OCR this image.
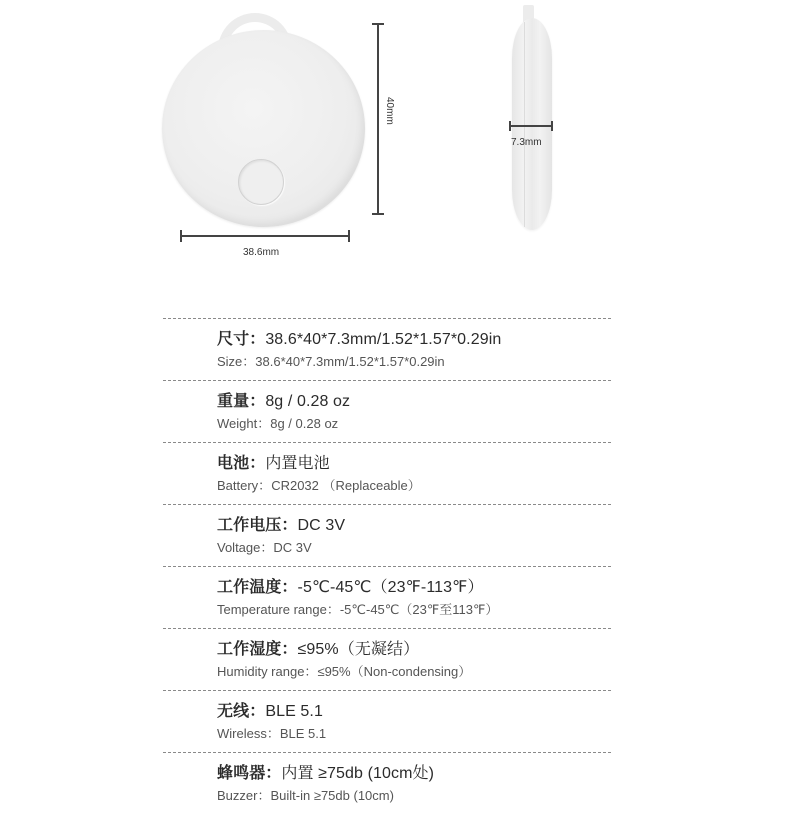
38.6mm
40mm
7.3mm
尺寸：38.6*40*7.3mm/1.52*1.57*0.29in
Size：38.6*40*7.3mm/1.52*1.57*0.29in
重量：8g / 0.28 oz
Weight：8g / 0.28 oz
电池：内置电池
Battery：CR2032 （Replaceable）
工作电压：DC 3V
Voltage：DC 3V
工作温度：-5℃-45℃（23℉-113℉）
Temperature range：-5℃-45℃（23℉至113℉）
工作湿度：≤95%（无凝结）
Humidity range：≤95%（Non-condensing）
无线：BLE 5.1
Wireless：BLE 5.1
蜂鸣器：内置 ≥75db (10cm处)
Buzzer：Built-in ≥75db (10cm)
